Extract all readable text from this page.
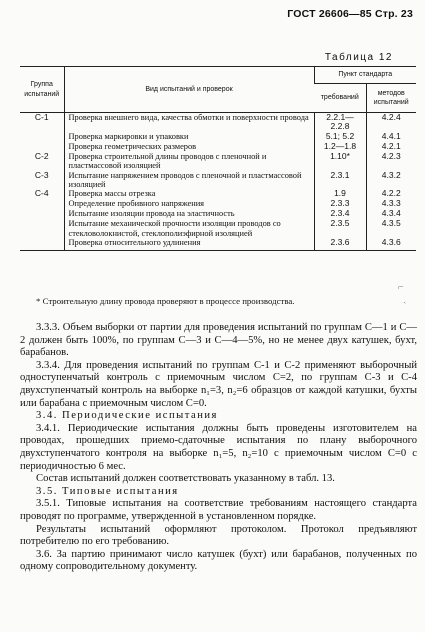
ГОСТ 26606—85 Стр. 23
Таблица 12
Группа испытаний	Вид испытаний и проверок	Пункт стандарта	
		требований	методов испытаний
C-1	Проверка внешнего вида, качества обмотки и поверхности провода	2.2.1—2.2.8	4.2.4
	Проверка маркировки и упаковки	5.1; 5.2	4.4.1
	Проверка геометрических размеров	1.2—1.8	4.2.1
C-2	Проверка строительной длины проводов с пленочной и пластмассовой изоляцией	1.10*	4.2.3
C-3	Испытание напряжением проводов с пленочной и пластмассовой изоляцией	2.3.1	4.3.2
C-4	Проверка массы отрезка	1.9	4.2.2
	Определение пробивного напряжения	2.3.3	4.3.3
	Испытание изоляции провода на эластичность	2.3.4	4.3.4
	Испытание механической прочности изоляции проводов со стекловолокнистой, стеклополиэфирной изоляцией	2.3.5	4.3.5
	Проверка относительного удлинения	2.3.6	4.3.6
⌐
ˏ
* Строительную длину провода проверяют в процессе производства.

3.3.3. Объем выборки от партии для проведения испытаний по группам С—1 и С—2 должен быть 100%, по группам С—3 и С—4—5%, но не менее двух катушек, бухт, барабанов.

3.3.4. Для проведения испытаний по группам С-1 и С-2 применяют выборочный одноступенчатый контроль с приемочным числом С=2, по группам С-3 и С-4 двухступенчатый контроль на выборке n₁=3, n₂=6 образцов от каждой катушки, бухты или барабана с приемочным числом С=0.

3.4. Периодические испытания

3.4.1. Периодические испытания должны быть проведены изготовителем на проводах, прошедших приемо-сдаточные испытания по плану выборочного двухступенчатого контроля на выборке n₁=5, n₂=10 с приемочным числом С=0 с периодичностью 6 мес.

Состав испытаний должен соответствовать указанному в табл. 13.

3.5. Типовые испытания

3.5.1. Типовые испытания на соответствие требованиям настоящего стандарта проводят по программе, утвержденной в установленном порядке.

Результаты испытаний оформляют протоколом. Протокол предъявляют потребителю по его требованию.

3.6. За партию принимают число катушек (бухт) или барабанов, полученных по одному сопроводительному документу.
